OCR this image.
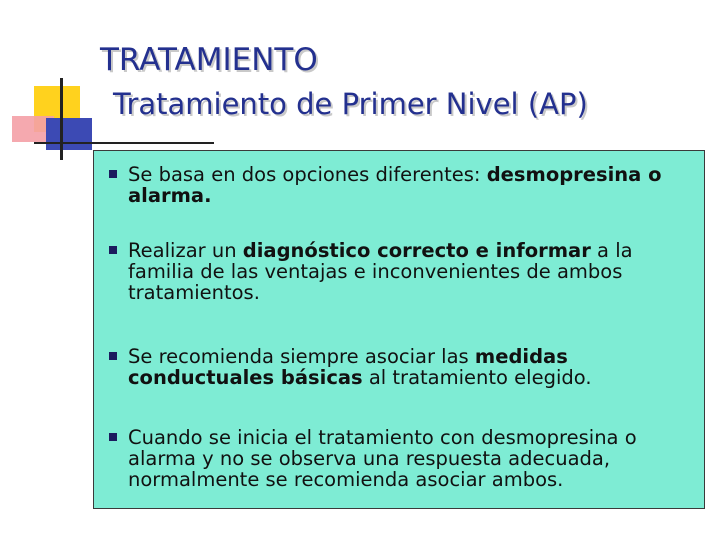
TRATAMIENTO
Tratamiento de Primer Nivel (AP)

Se basa en dos opciones diferentes: desmopresina o alarma.

Realizar un diagnóstico correcto e informar a la familia de las ventajas e inconvenientes de ambos tratamientos.

Se recomienda siempre asociar las medidas conductuales básicas al tratamiento elegido.

Cuando se inicia el tratamiento con desmopresina o alarma y no se observa una respuesta adecuada, normalmente se recomienda asociar ambos.
